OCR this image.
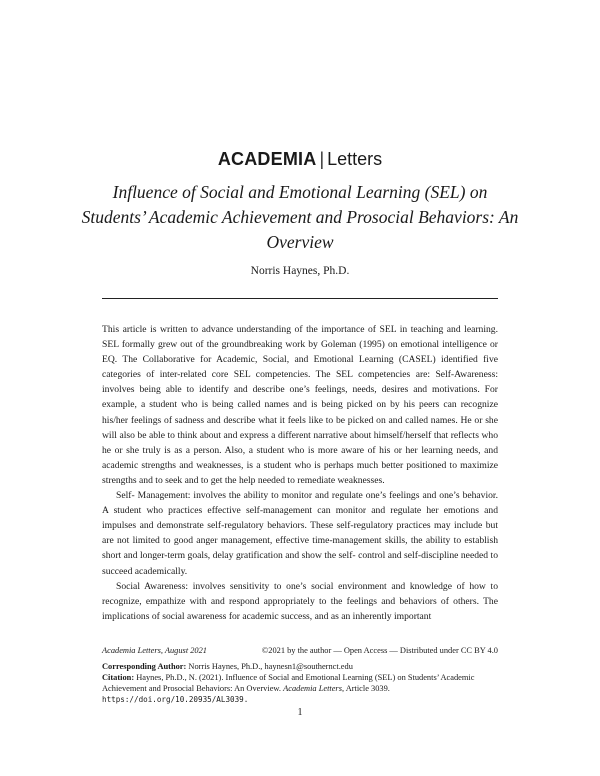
ACADEMIA | Letters
Influence of Social and Emotional Learning (SEL) on Students’ Academic Achievement and Prosocial Behaviors: An Overview
Norris Haynes, Ph.D.

This article is written to advance understanding of the importance of SEL in teaching and learning. SEL formally grew out of the groundbreaking work by Goleman (1995) on emotional intelligence or EQ. The Collaborative for Academic, Social, and Emotional Learning (CASEL) identified five categories of inter-related core SEL competencies. The SEL competencies are: Self-Awareness: involves being able to identify and describe one’s feelings, needs, desires and motivations. For example, a student who is being called names and is being picked on by his peers can recognize his/her feelings of sadness and describe what it feels like to be picked on and called names. He or she will also be able to think about and express a different narrative about himself/herself that reflects who he or she truly is as a person. Also, a student who is more aware of his or her learning needs, and academic strengths and weaknesses, is a student who is perhaps much better positioned to maximize strengths and to seek and to get the help needed to remediate weaknesses.

Self- Management: involves the ability to monitor and regulate one’s feelings and one’s behavior. A student who practices effective self-management can monitor and regulate her emotions and impulses and demonstrate self-regulatory behaviors. These self-regulatory practices may include but are not limited to good anger management, effective time-management skills, the ability to establish short and longer-term goals, delay gratification and show the self- control and self-discipline needed to succeed academically.

Social Awareness: involves sensitivity to one’s social environment and knowledge of how to recognize, empathize with and respond appropriately to the feelings and behaviors of others. The implications of social awareness for academic success, and as an inherently important

Academia Letters, August 2021	©2021 by the author — Open Access — Distributed under CC BY 4.0
Corresponding Author: Norris Haynes, Ph.D., haynesn1@southernct.edu
Citation: Haynes, Ph.D., N. (2021). Influence of Social and Emotional Learning (SEL) on Students’ Academic Achievement and Prosocial Behaviors: An Overview. Academia Letters, Article 3039.
https://doi.org/10.20935/AL3039.
1
